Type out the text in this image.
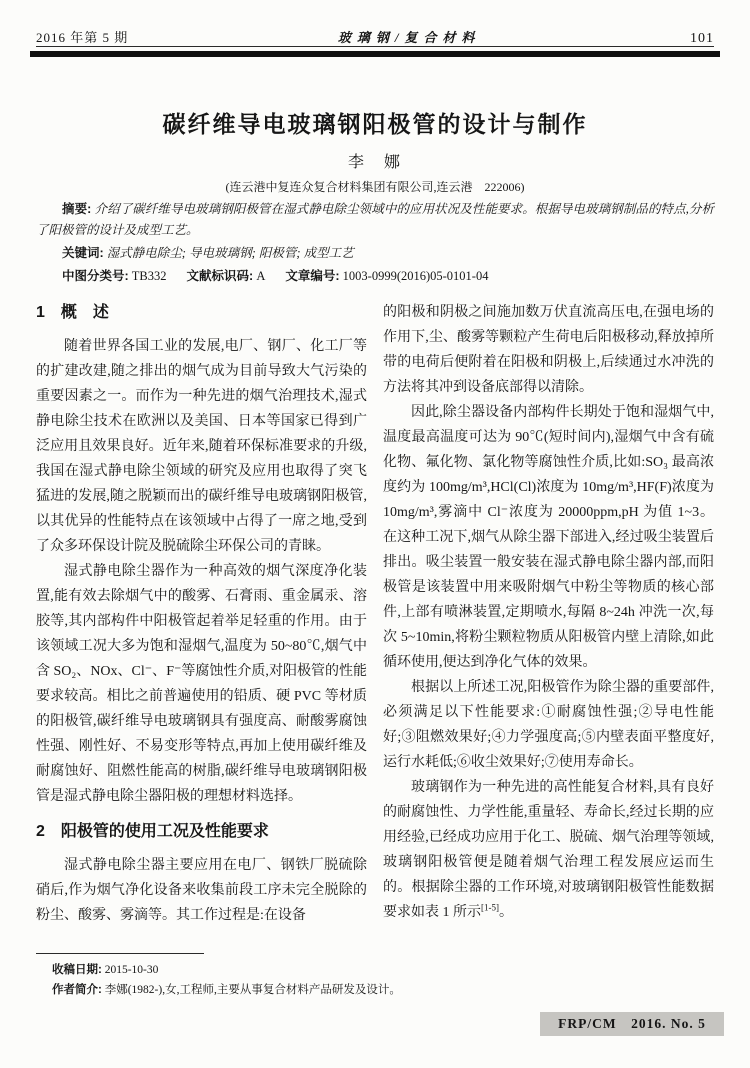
2016 年第 5 期	玻璃钢/复合材料	101
碳纤维导电玻璃钢阳极管的设计与制作
李　娜
(连云港中复连众复合材料集团有限公司,连云港　222006)

摘要: 介绍了碳纤维导电玻璃钢阳极管在湿式静电除尘领域中的应用状况及性能要求。根据导电玻璃钢制品的特点,分析了阳极管的设计及成型工艺。

关键词: 湿式静电除尘; 导电玻璃钢; 阳极管; 成型工艺

中图分类号: TB332 文献标识码: A 文章编号: 1003-0999(2016)05-0101-04

1　概　述

随着世界各国工业的发展,电厂、钢厂、化工厂等的扩建改建,随之排出的烟气成为目前导致大气污染的重要因素之一。而作为一种先进的烟气治理技术,湿式静电除尘技术在欧洲以及美国、日本等国家已得到广泛应用且效果良好。近年来,随着环保标准要求的升级,我国在湿式静电除尘领域的研究及应用也取得了突飞猛进的发展,随之脱颖而出的碳纤维导电玻璃钢阳极管,以其优异的性能特点在该领域中占得了一席之地,受到了众多环保设计院及脱硫除尘环保公司的青睐。

湿式静电除尘器作为一种高效的烟气深度净化装置,能有效去除烟气中的酸雾、石膏雨、重金属汞、溶胶等,其内部构件中阳极管起着举足轻重的作用。由于该领域工况大多为饱和湿烟气,温度为 50~80℃,烟气中含 SO₂、NOx、Cl⁻、F⁻等腐蚀性介质,对阳极管的性能要求较高。相比之前普遍使用的铅质、硬 PVC 等材质的阳极管,碳纤维导电玻璃钢具有强度高、耐酸雾腐蚀性强、刚性好、不易变形等特点,再加上使用碳纤维及耐腐蚀好、阻燃性能高的树脂,碳纤维导电玻璃钢阳极管是湿式静电除尘器阳极的理想材料选择。

2　阳极管的使用工况及性能要求

湿式静电除尘器主要应用在电厂、钢铁厂脱硫除硝后,作为烟气净化设备来收集前段工序未完全脱除的粉尘、酸雾、雾滴等。其工作过程是:在设备

的阳极和阴极之间施加数万伏直流高压电,在强电场的作用下,尘、酸雾等颗粒产生荷电后阳极移动,释放掉所带的电荷后便附着在阳极和阴极上,后续通过水冲洗的方法将其冲到设备底部得以清除。

因此,除尘器设备内部构件长期处于饱和湿烟气中,温度最高温度可达为 90℃(短时间内),湿烟气中含有硫化物、氟化物、氯化物等腐蚀性介质,比如:SO₃ 最高浓度约为 100mg/m³,HCl(Cl)浓度为 10mg/m³,HF(F)浓度为 10mg/m³,雾滴中 Cl⁻浓度为 20000ppm,pH 为值 1~3。在这种工况下,烟气从除尘器下部进入,经过吸尘装置后排出。吸尘装置一般安装在湿式静电除尘器内部,而阳极管是该装置中用来吸附烟气中粉尘等物质的核心部件,上部有喷淋装置,定期喷水,每隔 8~24h 冲洗一次,每次 5~10min,将粉尘颗粒物质从阳极管内壁上清除,如此循环使用,便达到净化气体的效果。

根据以上所述工况,阳极管作为除尘器的重要部件,必须满足以下性能要求:①耐腐蚀性强;②导电性能好;③阻燃效果好;④力学强度高;⑤内壁表面平整度好,运行水耗低;⑥收尘效果好;⑦使用寿命长。

玻璃钢作为一种先进的高性能复合材料,具有良好的耐腐蚀性、力学性能,重量轻、寿命长,经过长期的应用经验,已经成功应用于化工、脱硫、烟气治理等领域,玻璃钢阳极管便是随着烟气治理工程发展应运而生的。根据除尘器的工作环境,对玻璃钢阳极管性能数据要求如表 1 所示[1-5]。

收稿日期: 2015-10-30

作者简介: 李娜(1982-),女,工程师,主要从事复合材料产品研发及设计。

FRP/CM　2016. No. 5
